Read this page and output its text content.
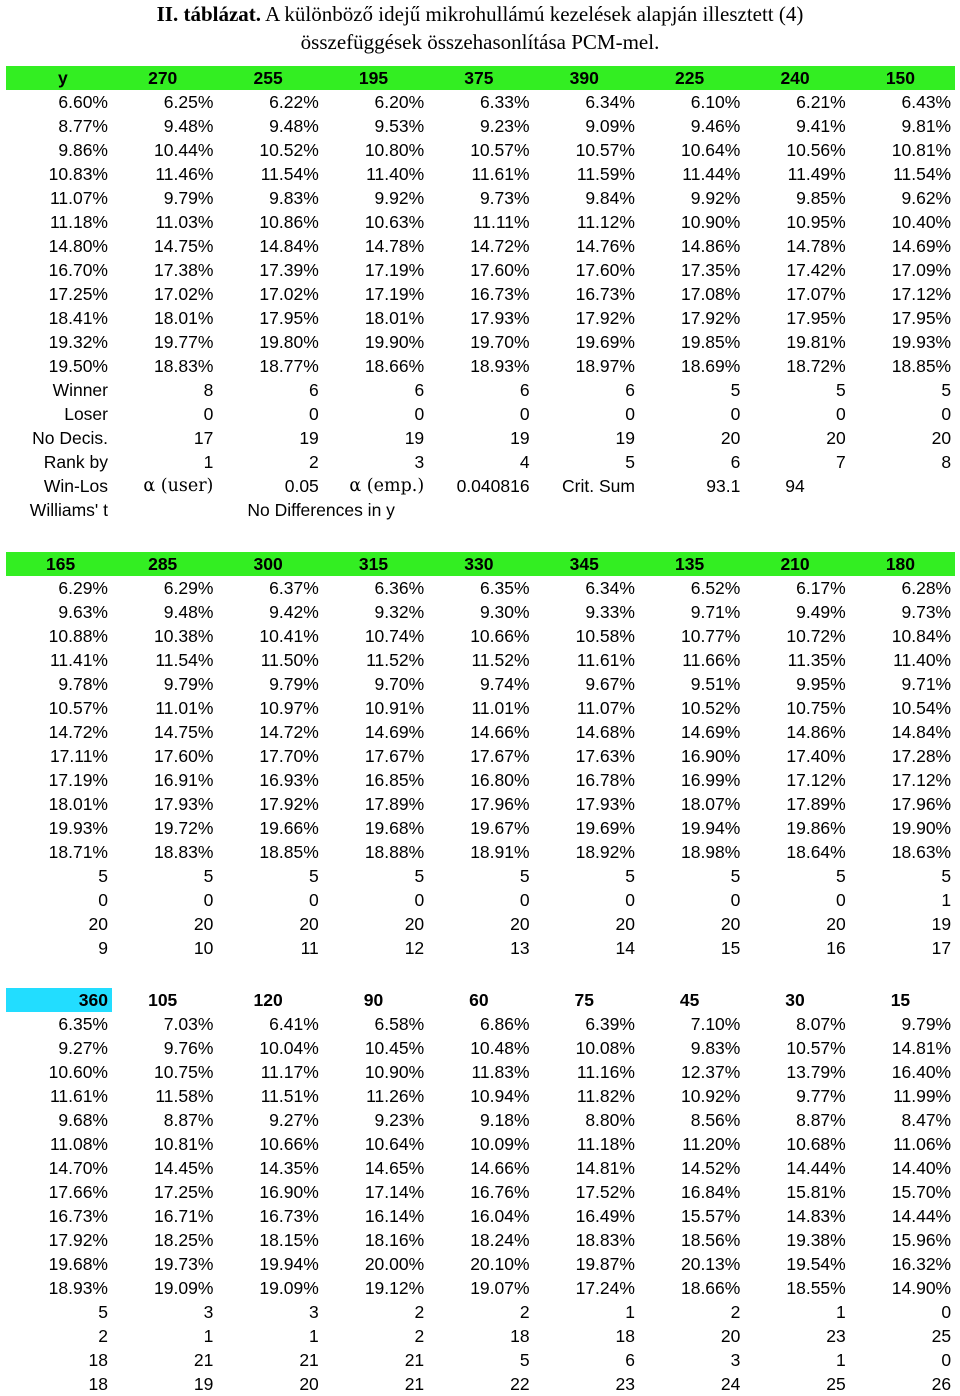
II. táblázat. A különböző idejű mikrohullámú kezelések alapján illesztett (4)
összefüggések összehasonlítása PCM-mel.
y	270	255	195	375	390	225	240	150
6.60%	6.25%	6.22%	6.20%	6.33%	6.34%	6.10%	6.21%	6.43%
8.77%	9.48%	9.48%	9.53%	9.23%	9.09%	9.46%	9.41%	9.81%
9.86%	10.44%	10.52%	10.80%	10.57%	10.57%	10.64%	10.56%	10.81%
10.83%	11.46%	11.54%	11.40%	11.61%	11.59%	11.44%	11.49%	11.54%
11.07%	9.79%	9.83%	9.92%	9.73%	9.84%	9.92%	9.85%	9.62%
11.18%	11.03%	10.86%	10.63%	11.11%	11.12%	10.90%	10.95%	10.40%
14.80%	14.75%	14.84%	14.78%	14.72%	14.76%	14.86%	14.78%	14.69%
16.70%	17.38%	17.39%	17.19%	17.60%	17.60%	17.35%	17.42%	17.09%
17.25%	17.02%	17.02%	17.19%	16.73%	16.73%	17.08%	17.07%	17.12%
18.41%	18.01%	17.95%	18.01%	17.93%	17.92%	17.92%	17.95%	17.95%
19.32%	19.77%	19.80%	19.90%	19.70%	19.69%	19.85%	19.81%	19.93%
19.50%	18.83%	18.77%	18.66%	18.93%	18.97%	18.69%	18.72%	18.85%
Winner	8	6	6	6	6	5	5	5
Loser	0	0	0	0	0	0	0	0
No Decis.	17	19	19	19	19	20	20	20
Rank by	1	2	3	4	5	6	7	8
Win-Los	α (user)	0.05	α (emp.)	0.040816	Crit. Sum	93.1	94	
Williams' t		No Differences in y						
165	285	300	315	330	345	135	210	180
6.29%	6.29%	6.37%	6.36%	6.35%	6.34%	6.52%	6.17%	6.28%
9.63%	9.48%	9.42%	9.32%	9.30%	9.33%	9.71%	9.49%	9.73%
10.88%	10.38%	10.41%	10.74%	10.66%	10.58%	10.77%	10.72%	10.84%
11.41%	11.54%	11.50%	11.52%	11.52%	11.61%	11.66%	11.35%	11.40%
9.78%	9.79%	9.79%	9.70%	9.74%	9.67%	9.51%	9.95%	9.71%
10.57%	11.01%	10.97%	10.91%	11.01%	11.07%	10.52%	10.75%	10.54%
14.72%	14.75%	14.72%	14.69%	14.66%	14.68%	14.69%	14.86%	14.84%
17.11%	17.60%	17.70%	17.67%	17.67%	17.63%	16.90%	17.40%	17.28%
17.19%	16.91%	16.93%	16.85%	16.80%	16.78%	16.99%	17.12%	17.12%
18.01%	17.93%	17.92%	17.89%	17.96%	17.93%	18.07%	17.89%	17.96%
19.93%	19.72%	19.66%	19.68%	19.67%	19.69%	19.94%	19.86%	19.90%
18.71%	18.83%	18.85%	18.88%	18.91%	18.92%	18.98%	18.64%	18.63%
5	5	5	5	5	5	5	5	5
0	0	0	0	0	0	0	0	1
20	20	20	20	20	20	20	20	19
9	10	11	12	13	14	15	16	17
360	105	120	90	60	75	45	30	15
6.35%	7.03%	6.41%	6.58%	6.86%	6.39%	7.10%	8.07%	9.79%
9.27%	9.76%	10.04%	10.45%	10.48%	10.08%	9.83%	10.57%	14.81%
10.60%	10.75%	11.17%	10.90%	11.83%	11.16%	12.37%	13.79%	16.40%
11.61%	11.58%	11.51%	11.26%	10.94%	11.82%	10.92%	9.77%	11.99%
9.68%	8.87%	9.27%	9.23%	9.18%	8.80%	8.56%	8.87%	8.47%
11.08%	10.81%	10.66%	10.64%	10.09%	11.18%	11.20%	10.68%	11.06%
14.70%	14.45%	14.35%	14.65%	14.66%	14.81%	14.52%	14.44%	14.40%
17.66%	17.25%	16.90%	17.14%	16.76%	17.52%	16.84%	15.81%	15.70%
16.73%	16.71%	16.73%	16.14%	16.04%	16.49%	15.57%	14.83%	14.44%
17.92%	18.25%	18.15%	18.16%	18.24%	18.83%	18.56%	19.38%	15.96%
19.68%	19.73%	19.94%	20.00%	20.10%	19.87%	20.13%	19.54%	16.32%
18.93%	19.09%	19.09%	19.12%	19.07%	17.24%	18.66%	18.55%	14.90%
5	3	3	2	2	1	2	1	0
2	1	1	2	18	18	20	23	25
18	21	21	21	5	6	3	1	0
18	19	20	21	22	23	24	25	26
